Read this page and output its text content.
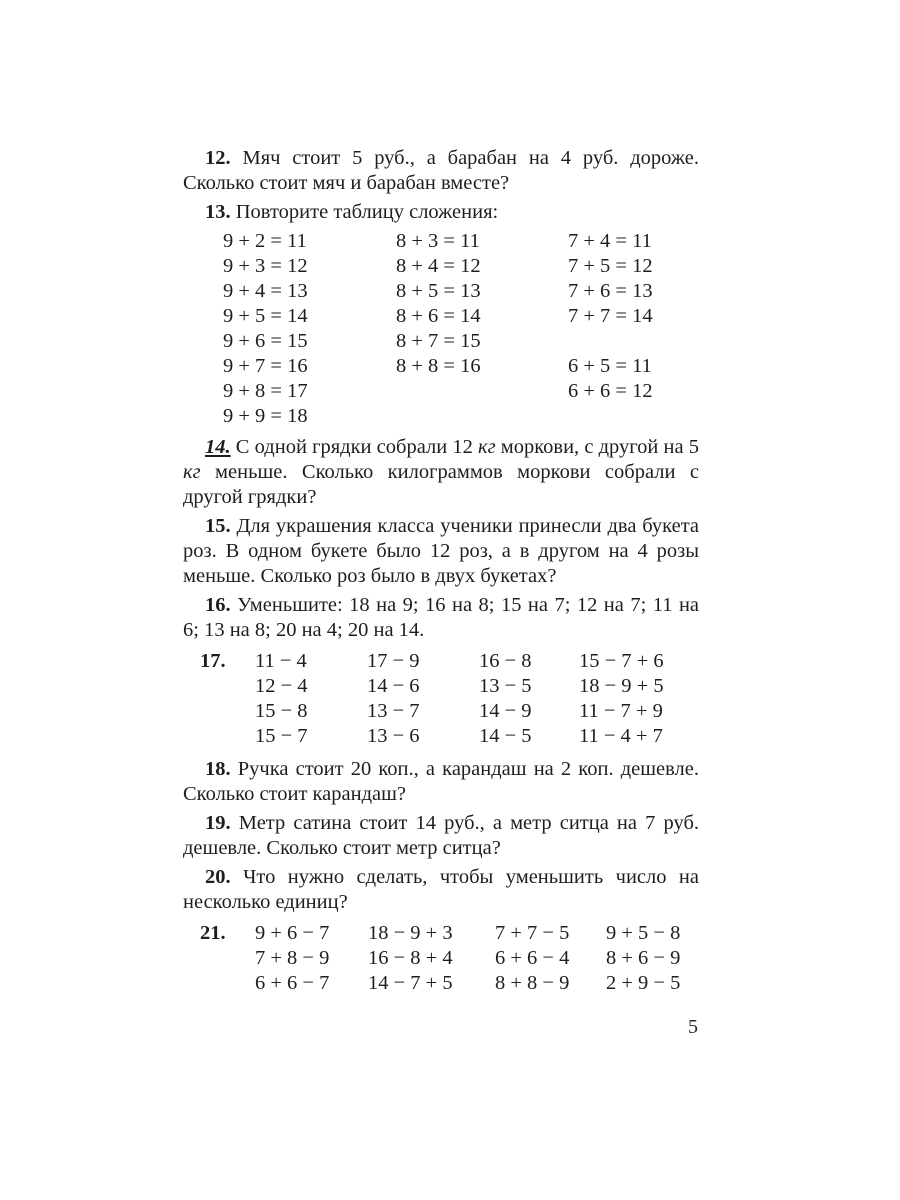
12. Мяч стоит 5 руб., а барабан на 4 руб. дороже. Сколько стоит мяч и барабан вместе?

13. Повторите таблицу сложения:

9 + 2 = 11
9 + 3 = 12
9 + 4 = 13
9 + 5 = 14
9 + 6 = 15
9 + 7 = 16
9 + 8 = 17
9 + 9 = 18
8 + 3 = 11
8 + 4 = 12
8 + 5 = 13
8 + 6 = 14
8 + 7 = 15
8 + 8 = 16
7 + 4 = 11
7 + 5 = 12
7 + 6 = 13
7 + 7 = 14
6 + 5 = 11
6 + 6 = 12

14. С одной грядки собрали 12 кг моркови, с другой на 5 кг меньше. Сколько килограммов моркови собрали с другой грядки?

15. Для украшения класса ученики принесли два букета роз. В одном букете было 12 роз, а в другом на 4 розы меньше. Сколько роз было в двух букетах?

16. Уменьшите: 18 на 9; 16 на 8; 15 на 7; 12 на 7; 11 на 6; 13 на 8; 20 на 4; 20 на 14.

17. 11 − 4
12 − 4
15 − 8
15 − 7
17 − 9
14 − 6
13 − 7
13 − 6
16 − 8
13 − 5
14 − 9
14 − 5
15 − 7 + 6
18 − 9 + 5
11 − 7 + 9
11 − 4 + 7

18. Ручка стоит 20 коп., а карандаш на 2 коп. дешевле. Сколько стоит карандаш?

19. Метр сатина стоит 14 руб., а метр ситца на 7 руб. дешевле. Сколько стоит метр ситца?

20. Что нужно сделать, чтобы уменьшить число на несколько единиц?

21. 9 + 6 − 7
7 + 8 − 9
6 + 6 − 7
18 − 9 + 3
16 − 8 + 4
14 − 7 + 5
7 + 7 − 5
6 + 6 − 4
8 + 8 − 9
9 + 5 − 8
8 + 6 − 9
2 + 9 − 5
5
